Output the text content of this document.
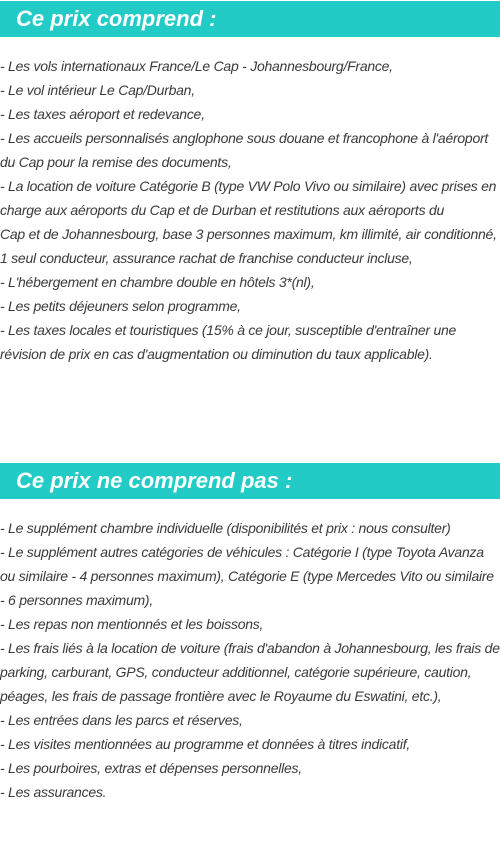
Ce prix comprend :
- Les vols internationaux France/Le Cap - Johannesbourg/France,
- Le vol intérieur Le Cap/Durban,
- Les taxes aéroport et redevance,
- Les accueils personnalisés anglophone sous douane et francophone à l'aéroport du Cap pour la remise des documents,
- La location de voiture Catégorie B (type VW Polo Vivo ou similaire) avec prises en charge aux aéroports du Cap et de Durban et restitutions aux aéroports du
Cap et de Johannesbourg, base 3 personnes maximum, km illimité, air conditionné, 1 seul conducteur, assurance rachat de franchise conducteur incluse,
- L'hébergement en chambre double en hôtels 3*(nl),
- Les petits déjeuners selon programme,
- Les taxes locales et touristiques (15% à ce jour, susceptible d'entraîner une révision de prix en cas d'augmentation ou diminution du taux applicable).
Ce prix ne comprend pas :
- Le supplément chambre individuelle (disponibilités et prix : nous consulter)
- Le supplément autres catégories de véhicules : Catégorie I (type Toyota Avanza ou similaire - 4 personnes maximum), Catégorie E (type Mercedes Vito ou similaire - 6 personnes maximum),
- Les repas non mentionnés et les boissons,
- Les frais liés à la location de voiture (frais d'abandon à Johannesbourg, les frais de parking, carburant, GPS, conducteur additionnel, catégorie supérieure, caution, péages, les frais de passage frontière avec le Royaume du Eswatini, etc.),
- Les entrées dans les parcs et réserves,
- Les visites mentionnées au programme et données à titres indicatif,
- Les pourboires, extras et dépenses personnelles,
- Les assurances.
